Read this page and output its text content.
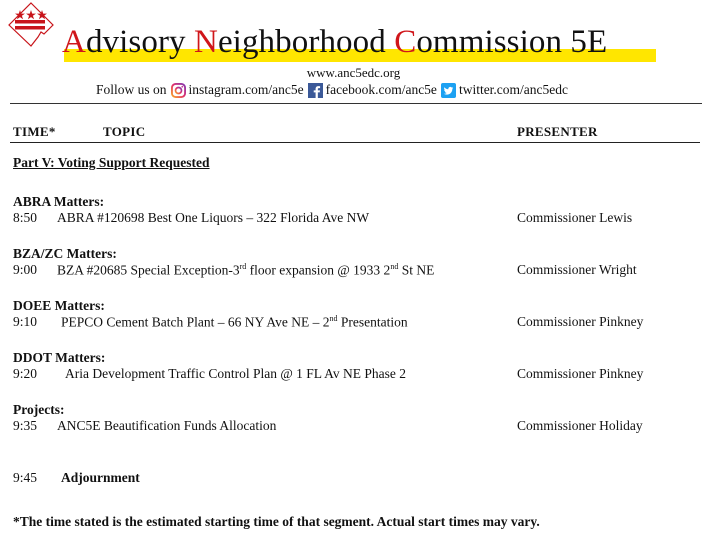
Advisory Neighborhood Commission 5E
www.anc5edc.org
Follow us on instagram.com/anc5e facebook.com/anc5e twitter.com/anc5edc
TIME*	TOPIC	PRESENTER
Part V: Voting Support Requested
ABRA Matters:
8:50 ABRA #120698 Best One Liquors – 322 Florida Ave NW	Commissioner Lewis
BZA/ZC Matters:
9:00 BZA #20685 Special Exception-3rd floor expansion @ 1933 2nd St NE	Commissioner Wright
DOEE Matters:
9:10 PEPCO Cement Batch Plant – 66 NY Ave NE – 2nd Presentation	Commissioner Pinkney
DDOT Matters:
9:20 Aria Development Traffic Control Plan @ 1 FL Av NE Phase 2	Commissioner Pinkney
Projects:
9:35 ANC5E Beautification Funds Allocation	Commissioner Holiday
9:45 Adjournment
*The time stated is the estimated starting time of that segment. Actual start times may vary.
